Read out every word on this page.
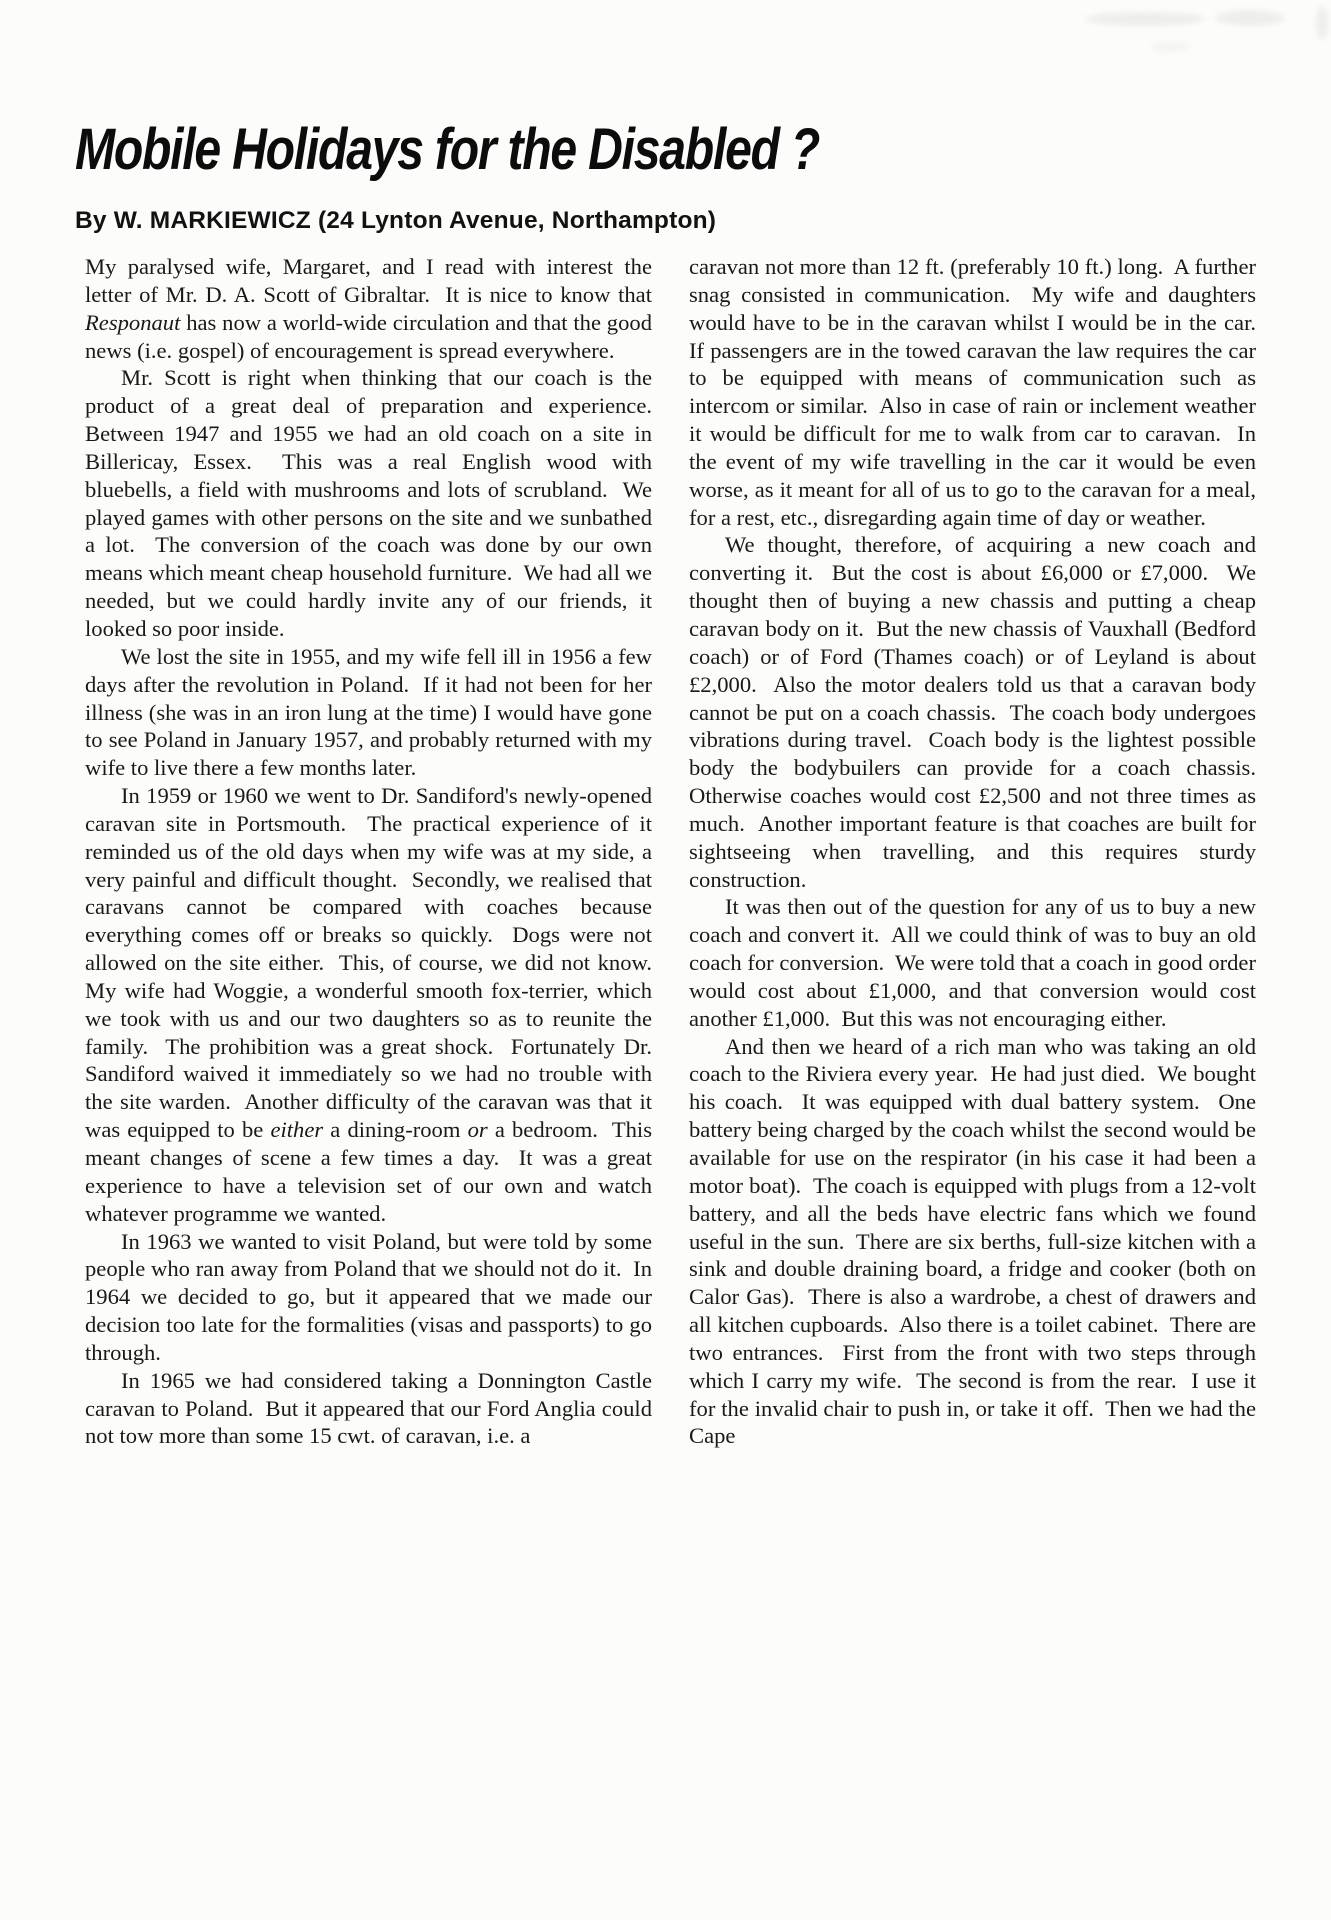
Mobile Holidays for the Disabled ?
By W. MARKIEWICZ (24 Lynton Avenue, Northampton)

My paralysed wife, Margaret, and I read with interest the letter of Mr. D. A. Scott of Gibraltar.  It is nice to know that Responaut has now a world-wide circulation and that the good news (i.e. gospel) of encouragement is spread everywhere.

Mr. Scott is right when thinking that our coach is the product of a great deal of preparation and experience.  Between 1947 and 1955 we had an old coach on a site in Billericay, Essex.  This was a real English wood with bluebells, a field with mushrooms and lots of scrubland.  We played games with other persons on the site and we sunbathed a lot.  The conversion of the coach was done by our own means which meant cheap household furniture.  We had all we needed, but we could hardly invite any of our friends, it looked so poor inside.

We lost the site in 1955, and my wife fell ill in 1956 a few days after the revolution in Poland.  If it had not been for her illness (she was in an iron lung at the time) I would have gone to see Poland in January 1957, and probably returned with my wife to live there a few months later.

In 1959 or 1960 we went to Dr. Sandiford's newly-opened caravan site in Portsmouth.  The practical experience of it reminded us of the old days when my wife was at my side, a very painful and difficult thought.  Secondly, we realised that caravans cannot be compared with coaches because everything comes off or breaks so quickly.  Dogs were not allowed on the site either.  This, of course, we did not know.  My wife had Woggie, a wonderful smooth fox-terrier, which we took with us and our two daughters so as to reunite the family.  The prohibition was a great shock.  Fortunately Dr. Sandiford waived it immediately so we had no trouble with the site warden.  Another difficulty of the caravan was that it was equipped to be either a dining-room or a bedroom.  This meant changes of scene a few times a day.  It was a great experience to have a television set of our own and watch whatever programme we wanted.

In 1963 we wanted to visit Poland, but were told by some people who ran away from Poland that we should not do it.  In 1964 we decided to go, but it appeared that we made our decision too late for the formalities (visas and passports) to go through.

In 1965 we had considered taking a Donnington Castle caravan to Poland.  But it appeared that our Ford Anglia could not tow more than some 15 cwt. of caravan, i.e. a

caravan not more than 12 ft. (preferably 10 ft.) long.  A further snag consisted in communication.  My wife and daughters would have to be in the caravan whilst I would be in the car.  If passengers are in the towed caravan the law requires the car to be equipped with means of communication such as intercom or similar.  Also in case of rain or inclement weather it would be difficult for me to walk from car to caravan.  In the event of my wife travelling in the car it would be even worse, as it meant for all of us to go to the caravan for a meal, for a rest, etc., disregarding again time of day or weather.

We thought, therefore, of acquiring a new coach and converting it.  But the cost is about £6,000 or £7,000.  We thought then of buying a new chassis and putting a cheap caravan body on it.  But the new chassis of Vauxhall (Bedford coach) or of Ford (Thames coach) or of Leyland is about £2,000.  Also the motor dealers told us that a caravan body cannot be put on a coach chassis.  The coach body undergoes vibrations during travel.  Coach body is the lightest possible body the bodybuilers can provide for a coach chassis.  Otherwise coaches would cost £2,500 and not three times as much.  Another important feature is that coaches are built for sightseeing when travelling, and this requires sturdy construction.

It was then out of the question for any of us to buy a new coach and convert it.  All we could think of was to buy an old coach for conversion.  We were told that a coach in good order would cost about £1,000, and that conversion would cost another £1,000.  But this was not encouraging either.

And then we heard of a rich man who was taking an old coach to the Riviera every year.  He had just died.  We bought his coach.  It was equipped with dual battery system.  One battery being charged by the coach whilst the second would be available for use on the respirator (in his case it had been a motor boat).  The coach is equipped with plugs from a 12-volt battery, and all the beds have electric fans which we found useful in the sun.  There are six berths, full-size kitchen with a sink and double draining board, a fridge and cooker (both on Calor Gas).  There is also a wardrobe, a chest of drawers and all kitchen cupboards.  Also there is a toilet cabinet.  There are two entrances.  First from the front with two steps through which I carry my wife.  The second is from the rear.  I use it for the invalid chair to push in, or take it off.  Then we had the Cape
